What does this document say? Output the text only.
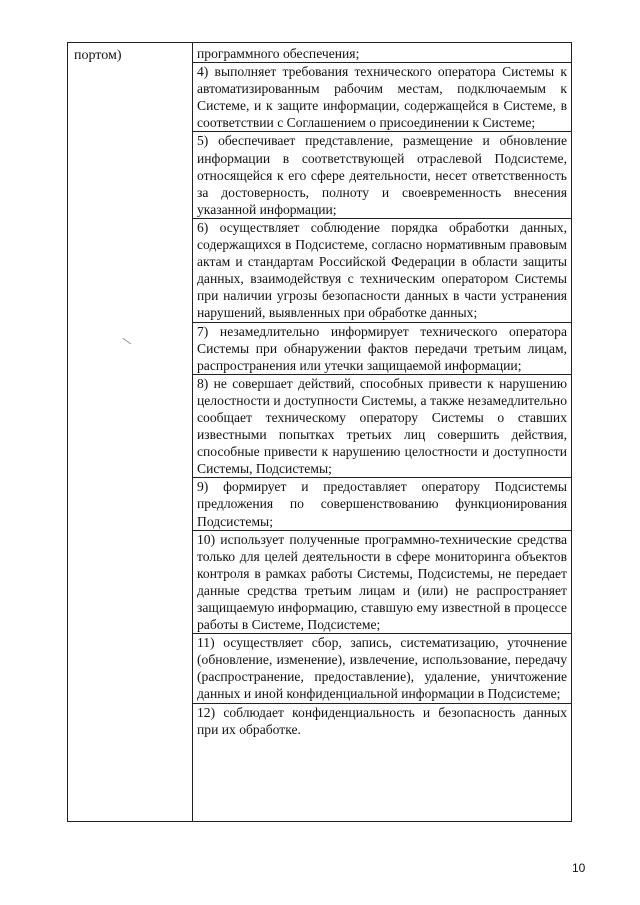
портом)	программного обеспечения;
4) выполняет требования технического оператора Системы к автоматизированным рабочим местам, подключаемым к Системе, и к защите информации, содержащейся в Системе, в соответствии с Соглашением о присоединении к Системе;
5) обеспечивает представление, размещение и обновление информации в соответствующей отраслевой Подсистеме, относящейся к его сфере деятельности, несет ответственность за достоверность, полноту и своевременность внесения указанной информации;
6) осуществляет соблюдение порядка обработки данных, содержащихся в Подсистеме, согласно нормативным правовым актам и стандартам Российской Федерации в области защиты данных, взаимодействуя с техническим оператором Системы при наличии угрозы безопасности данных в части устранения нарушений, выявленных при обработке данных;
7) незамедлительно информирует технического оператора Системы при обнаружении фактов передачи третьим лицам, распространения или утечки защищаемой информации;
8) не совершает действий, способных привести к нарушению целостности и доступности Системы, а также незамедлительно сообщает техническому оператору Системы о ставших известными попытках третьих лиц совершить действия, способные привести к нарушению целостности и доступности Системы, Подсистемы;
9) формирует и предоставляет оператору Подсистемы предложения по совершенствованию функционирования Подсистемы;
10) использует полученные программно-технические средства только для целей деятельности в сфере мониторинга объектов контроля в рамках работы Системы, Подсистемы, не передает данные средства третьим лицам и (или) не распространяет защищаемую информацию, ставшую ему известной в процессе работы в Системе, Подсистеме;
11) осуществляет сбор, запись, систематизацию, уточнение (обновление, изменение), извлечение, использование, передачу (распространение, предоставление), удаление, уничтожение данных и иной конфиденциальной информации в Подсистеме;
12) соблюдает конфиденциальность и безопасность данных при их обработке.
10
